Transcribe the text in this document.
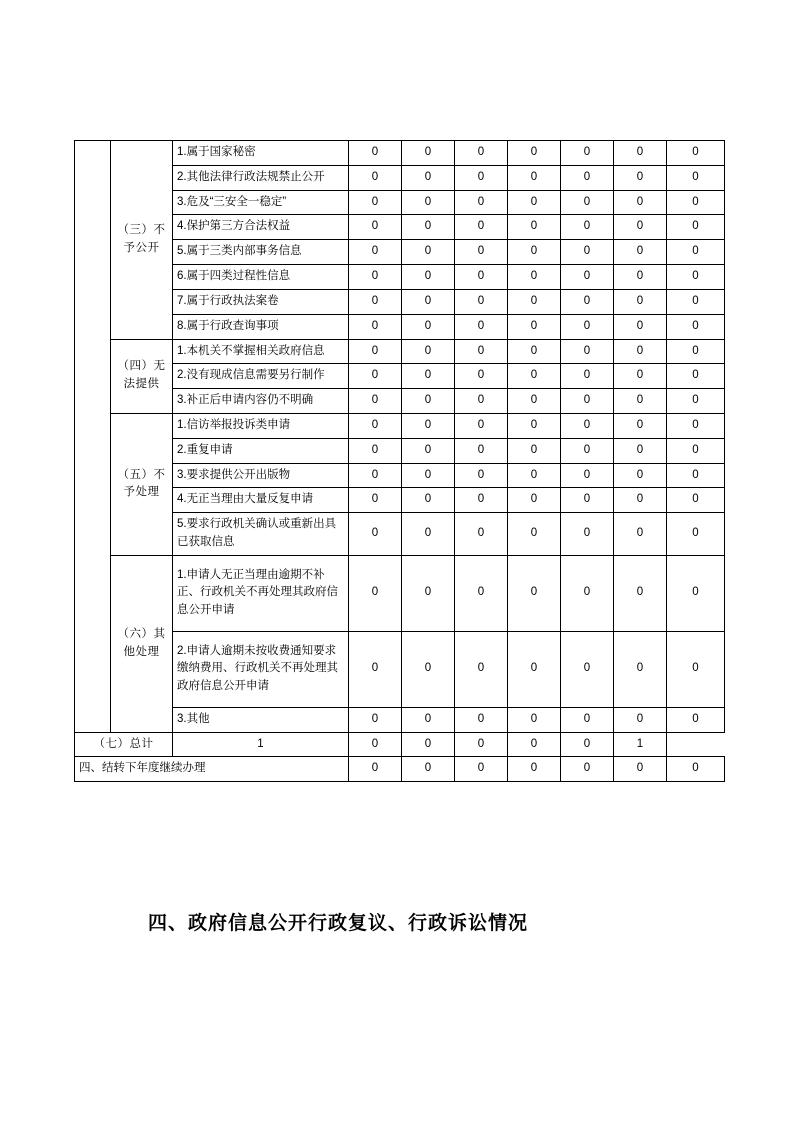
	（三）不予公开	1.属于国家秘密	0	0	0	0	0	0	0
		2.其他法律行政法规禁止公开	0	0	0	0	0	0	0
		3.危及“三安全一稳定”	0	0	0	0	0	0	0
		4.保护第三方合法权益	0	0	0	0	0	0	0
		5.属于三类内部事务信息	0	0	0	0	0	0	0
		6.属于四类过程性信息	0	0	0	0	0	0	0
		7.属于行政执法案卷	0	0	0	0	0	0	0
		8.属于行政查询事项	0	0	0	0	0	0	0
	（四）无法提供	1.本机关不掌握相关政府信息	0	0	0	0	0	0	0
		2.没有现成信息需要另行制作	0	0	0	0	0	0	0
		3.补正后申请内容仍不明确	0	0	0	0	0	0	0
	（五）不予处理	1.信访举报投诉类申请	0	0	0	0	0	0	0
		2.重复申请	0	0	0	0	0	0	0
		3.要求提供公开出版物	0	0	0	0	0	0	0
		4.无正当理由大量反复申请	0	0	0	0	0	0	0
		5.要求行政机关确认或重新出具已获取信息	0	0	0	0	0	0	0
	（六）其他处理	1.申请人无正当理由逾期不补正、行政机关不再处理其政府信息公开申请	0	0	0	0	0	0	0
		2.申请人逾期未按收费通知要求缴纳费用、行政机关不再处理其政府信息公开申请	0	0	0	0	0	0	0
		3.其他	0	0	0	0	0	0	0
（七）总计		1	0	0	0	0	0	1	
四、结转下年度继续办理			0	0	0	0	0	0	0
四、政府信息公开行政复议、行政诉讼情况
